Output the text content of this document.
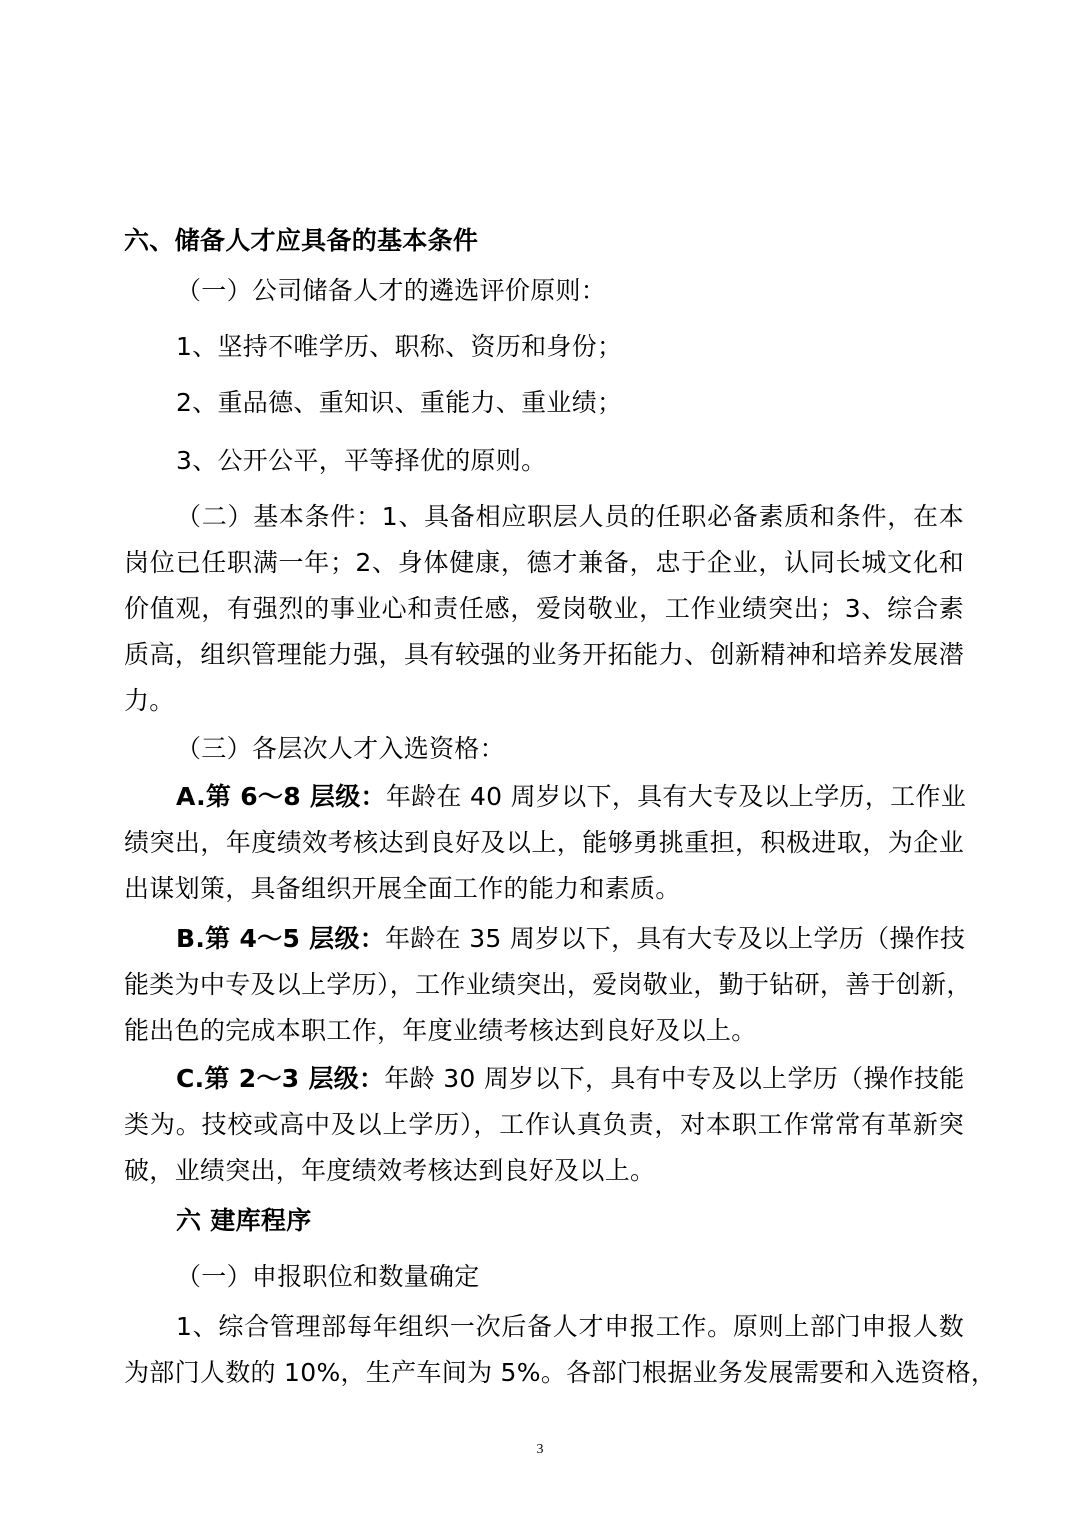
六、储备人才应具备的基本条件
（一）公司储备人才的遴选评价原则：
1、坚持不唯学历、职称、资历和身份；
2、重品德、重知识、重能力、重业绩；
3、公开公平，平等择优的原则。
（二）基本条件：1、具备相应职层人员的任职必备素质和条件，在本
岗位已任职满一年；2、身体健康，德才兼备，忠于企业，认同长城文化和
价值观，有强烈的事业心和责任感，爱岗敬业，工作业绩突出；3、综合素
质高，组织管理能力强，具有较强的业务开拓能力、创新精神和培养发展潜
力。
（三）各层次人才入选资格：
A.第 6～8 层级：年龄在 40 周岁以下，具有大专及以上学历，工作业
绩突出，年度绩效考核达到良好及以上，能够勇挑重担，积极进取，为企业
出谋划策，具备组织开展全面工作的能力和素质。
B.第 4～5 层级：年龄在 35 周岁以下，具有大专及以上学历（操作技
能类为中专及以上学历），工作业绩突出，爱岗敬业，勤于钻研，善于创新，
能出色的完成本职工作，年度业绩考核达到良好及以上。
C.第 2～3 层级：年龄 30 周岁以下，具有中专及以上学历（操作技能
类为。技校或高中及以上学历），工作认真负责，对本职工作常常有革新突
破，业绩突出，年度绩效考核达到良好及以上。
六 建库程序
（一）申报职位和数量确定
1、综合管理部每年组织一次后备人才申报工作。原则上部门申报人数
为部门人数的 10%，生产车间为 5%。各部门根据业务发展需要和入选资格，
3
